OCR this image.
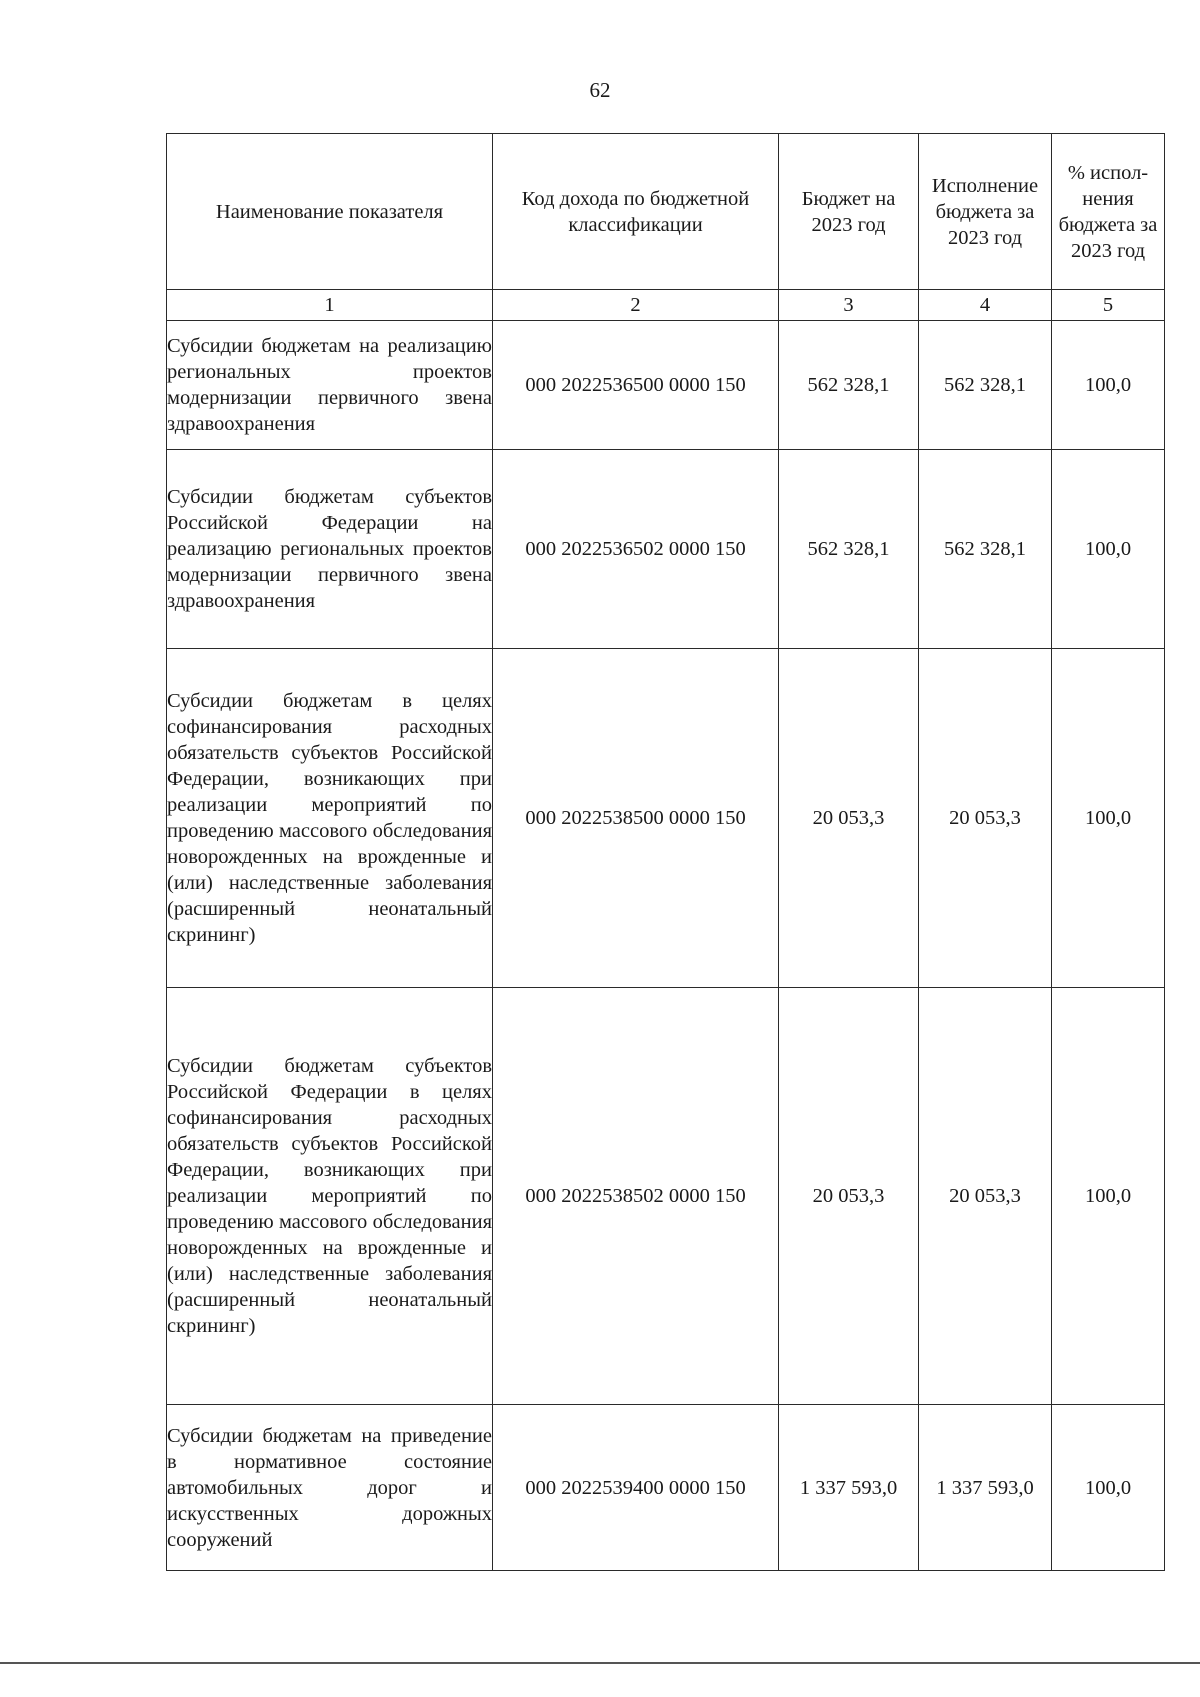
62
Наименование показателя	Код дохода по бюджетной классификации	Бюджет на 2023 год	Исполнение бюджета за 2023 год	% испол-нения бюджета за 2023 год
1	2	3	4	5
Субсидии бюджетам на реализацию региональных проектов модернизации первичного звена здравоохранения	000 2022536500 0000 150	562 328,1	562 328,1	100,0
Субсидии бюджетам субъектов Российской Федерации на реализацию региональных проектов модернизации первичного звена здравоохранения	000 2022536502 0000 150	562 328,1	562 328,1	100,0
Субсидии бюджетам в целях софинансирования расходных обязательств субъектов Российской Федерации, возникающих при реализации мероприятий по проведению массового обследования новорожденных на врожденные и (или) наследственные заболевания (расширенный неонатальный скрининг)	000 2022538500 0000 150	20 053,3	20 053,3	100,0
Субсидии бюджетам субъектов Российской Федерации в целях софинансирования расходных обязательств субъектов Российской Федерации, возникающих при реализации мероприятий по проведению массового обследования новорожденных на врожденные и (или) наследственные заболевания (расширенный неонатальный скрининг)	000 2022538502 0000 150	20 053,3	20 053,3	100,0
Субсидии бюджетам на приведение в нормативное состояние автомобильных дорог и искусственных дорожных сооружений	000 2022539400 0000 150	1 337 593,0	1 337 593,0	100,0
